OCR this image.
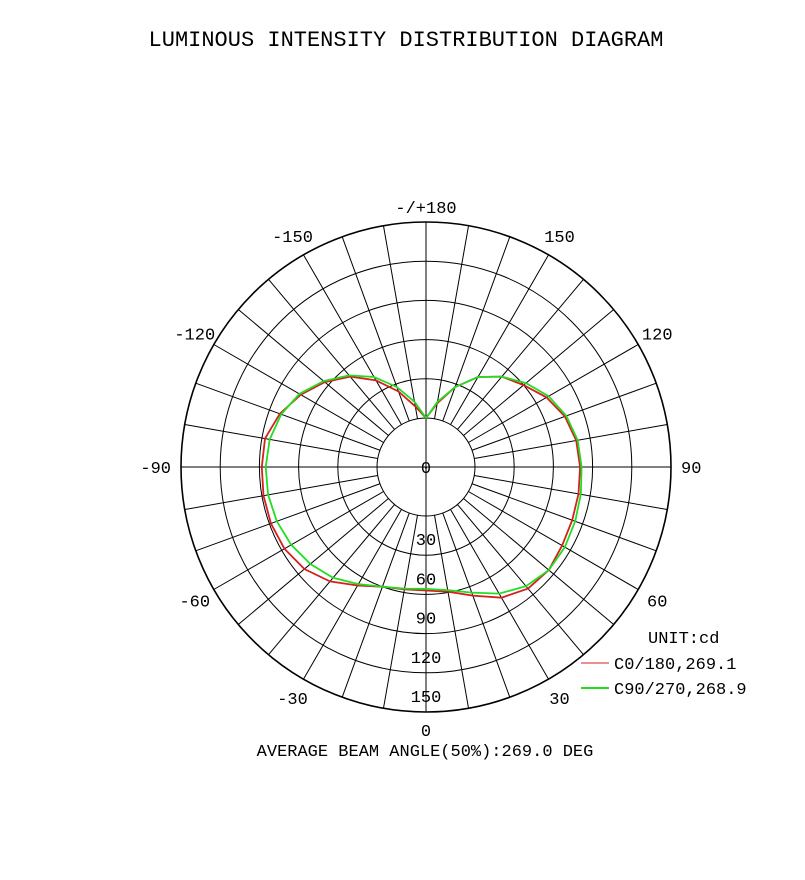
LUMINOUS INTENSITY DISTRIBUTION DIAGRAM
0
30
60
90
120
150
-/+180
-150
-120
-90
-60
-30
0
30
60
90
120
150
UNIT:cd
C0/180,269.1
C90/270,268.9
AVERAGE BEAM ANGLE(50%):269.0 DEG
